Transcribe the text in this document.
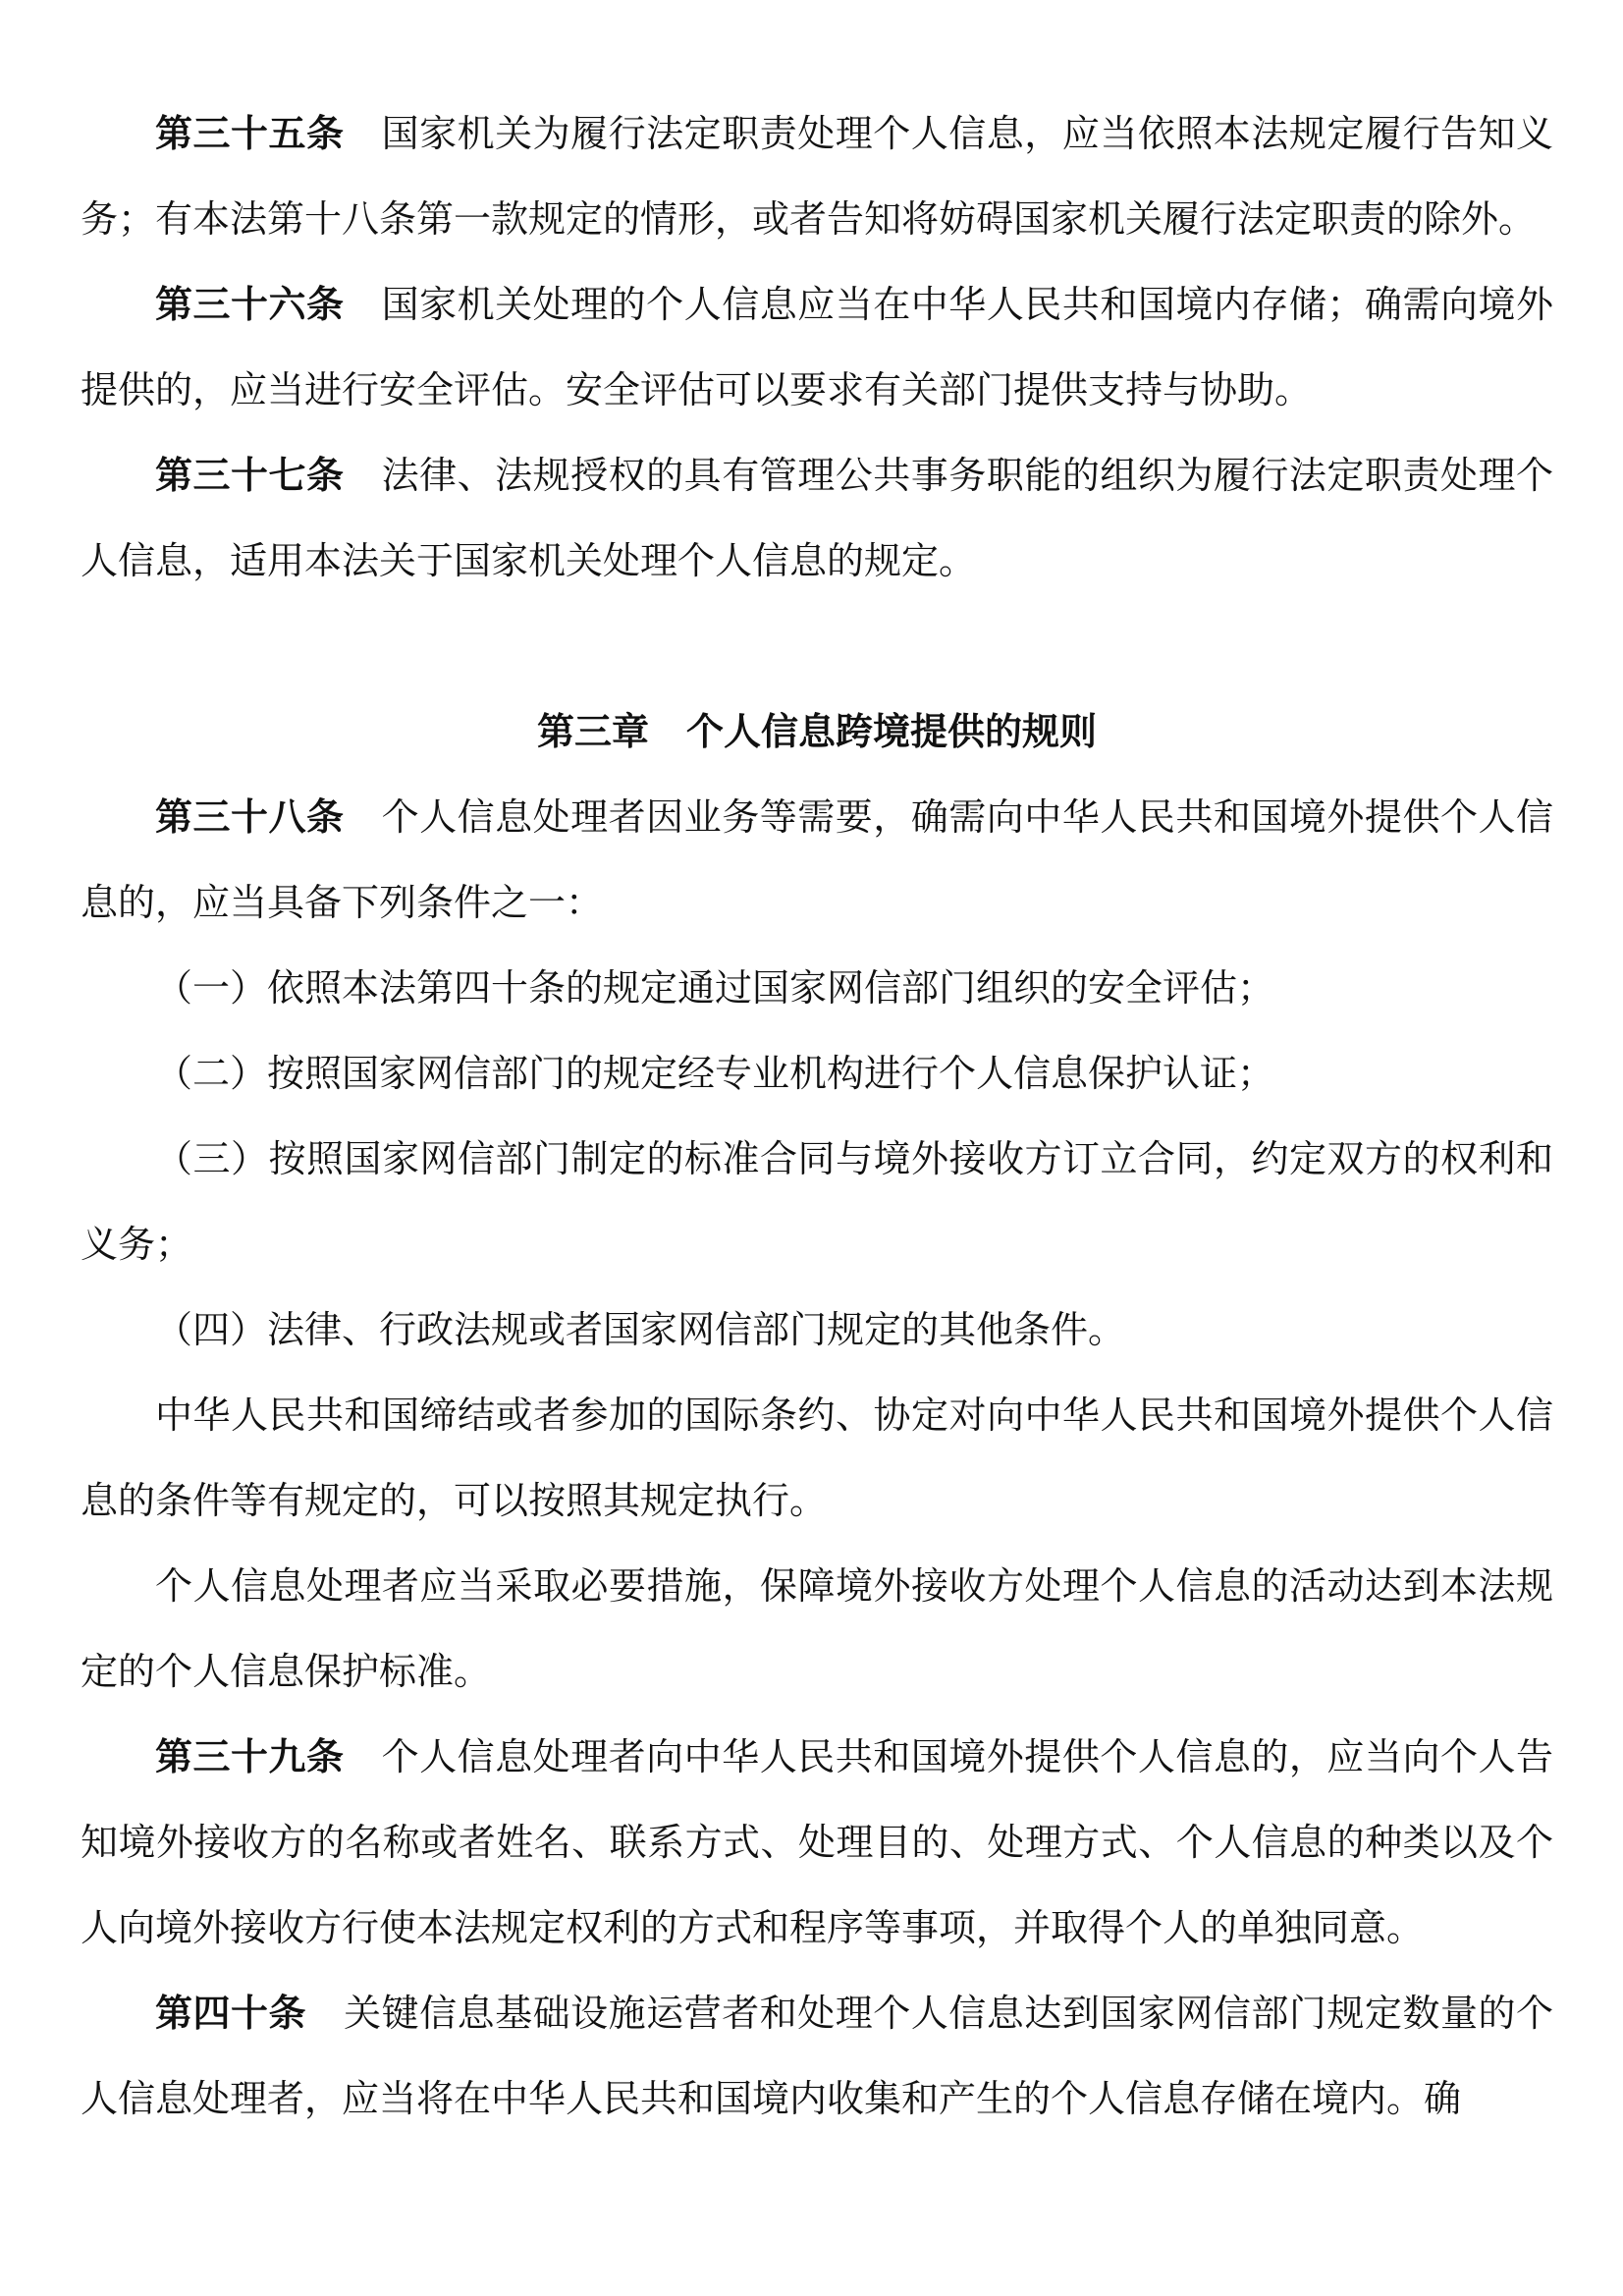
第三十五条 国家机关为履行法定职责处理个人信息，应当依照本法规定履行告知义务；有本法第十八条第一款规定的情形，或者告知将妨碍国家机关履行法定职责的除外。

第三十六条 国家机关处理的个人信息应当在中华人民共和国境内存储；确需向境外提供的，应当进行安全评估。安全评估可以要求有关部门提供支持与协助。

第三十七条 法律、法规授权的具有管理公共事务职能的组织为履行法定职责处理个人信息，适用本法关于国家机关处理个人信息的规定。

第三章　个人信息跨境提供的规则

第三十八条 个人信息处理者因业务等需要，确需向中华人民共和国境外提供个人信息的，应当具备下列条件之一：

（一）依照本法第四十条的规定通过国家网信部门组织的安全评估；

（二）按照国家网信部门的规定经专业机构进行个人信息保护认证；

（三）按照国家网信部门制定的标准合同与境外接收方订立合同，约定双方的权利和义务；

（四）法律、行政法规或者国家网信部门规定的其他条件。

中华人民共和国缔结或者参加的国际条约、协定对向中华人民共和国境外提供个人信息的条件等有规定的，可以按照其规定执行。

个人信息处理者应当采取必要措施，保障境外接收方处理个人信息的活动达到本法规定的个人信息保护标准。

第三十九条 个人信息处理者向中华人民共和国境外提供个人信息的，应当向个人告知境外接收方的名称或者姓名、联系方式、处理目的、处理方式、个人信息的种类以及个人向境外接收方行使本法规定权利的方式和程序等事项，并取得个人的单独同意。

第四十条 关键信息基础设施运营者和处理个人信息达到国家网信部门规定数量的个人信息处理者，应当将在中华人民共和国境内收集和产生的个人信息存储在境内。确
